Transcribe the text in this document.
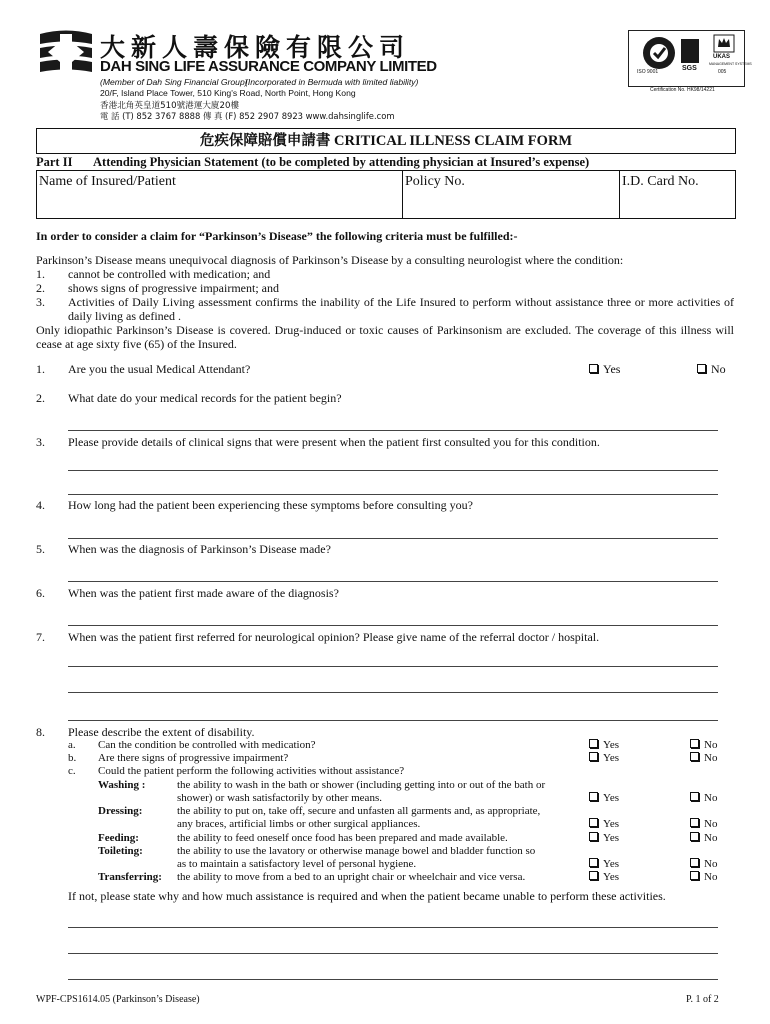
大新人壽保險有限公司
DAH SING LIFE ASSURANCE COMPANY LIMITED
(Member of Dah Sing Financial Group)
(Incorporated in Bermuda with limited liability)
20/F, Island Place Tower, 510 King's Road, North Point, Hong Kong
香港北角英皇道510號港運大廈20樓
電 話 (T) 852 3767 8888 傳 真 (F) 852 2907 8923 www.dahsinglife.com
ISO 9001	SGS
UKAS
MANAGEMENT SYSTEMS
005
Certification No. HK98/14221
危疾保障賠償申請書 CRITICAL ILLNESS CLAIM FORM
Part II Attending Physician Statement (to be completed by attending physician at Insured’s expense)
Name of Insured/Patient	Policy No.	I.D. Card No.
In order to consider a claim for “Parkinson’s Disease” the following criteria must be fulfilled:-
Parkinson’s Disease means unequivocal diagnosis of Parkinson’s Disease by a consulting neurologist where the condition:
1. cannot be controlled with medication; and
2. shows signs of progressive impairment; and
3. Activities of Daily Living assessment confirms the inability of the Life Insured to perform without assistance three or more activities of daily living as defined .
Only idiopathic Parkinson’s Disease is covered. Drug-induced or toxic causes of Parkinsonism are excluded. The coverage of this illness will cease at age sixty five (65) of the Insured.
1. Are you the usual Medical Attendant?	Yes	No
2. What date do your medical records for the patient begin?
3. Please provide details of clinical signs that were present when the patient first consulted you for this condition.
4. How long had the patient been experiencing these symptoms before consulting you?
5. When was the diagnosis of Parkinson’s Disease made?
6. When was the patient first made aware of the diagnosis?
7. When was the patient first referred for neurological opinion? Please give name of the referral doctor / hospital.
8. Please describe the extent of disability.
a. Can the condition be controlled with medication?	Yes	No
b. Are there signs of progressive impairment?	Yes	No
c. Could the patient perform the following activities without assistance?
Washing :	the ability to wash in the bath or shower (including getting into or out of the bath or
shower) or wash satisfactorily by other means.	Yes	No
Dressing:	the ability to put on, take off, secure and unfasten all garments and, as appropriate,
any braces, artificial limbs or other surgical appliances.	Yes	No
Feeding:	the ability to feed oneself once food has been prepared and made available.	Yes	No
Toileting:	the ability to use the lavatory or otherwise manage bowel and bladder function so
as to maintain a satisfactory level of personal hygiene.	Yes	No
Transferring: the ability to move from a bed to an upright chair or wheelchair and vice versa.	Yes	No
If not, please state why and how much assistance is required and when the patient became unable to perform these activities.
WPF-CPS1614.05 (Parkinson’s Disease)	P. 1 of 2
